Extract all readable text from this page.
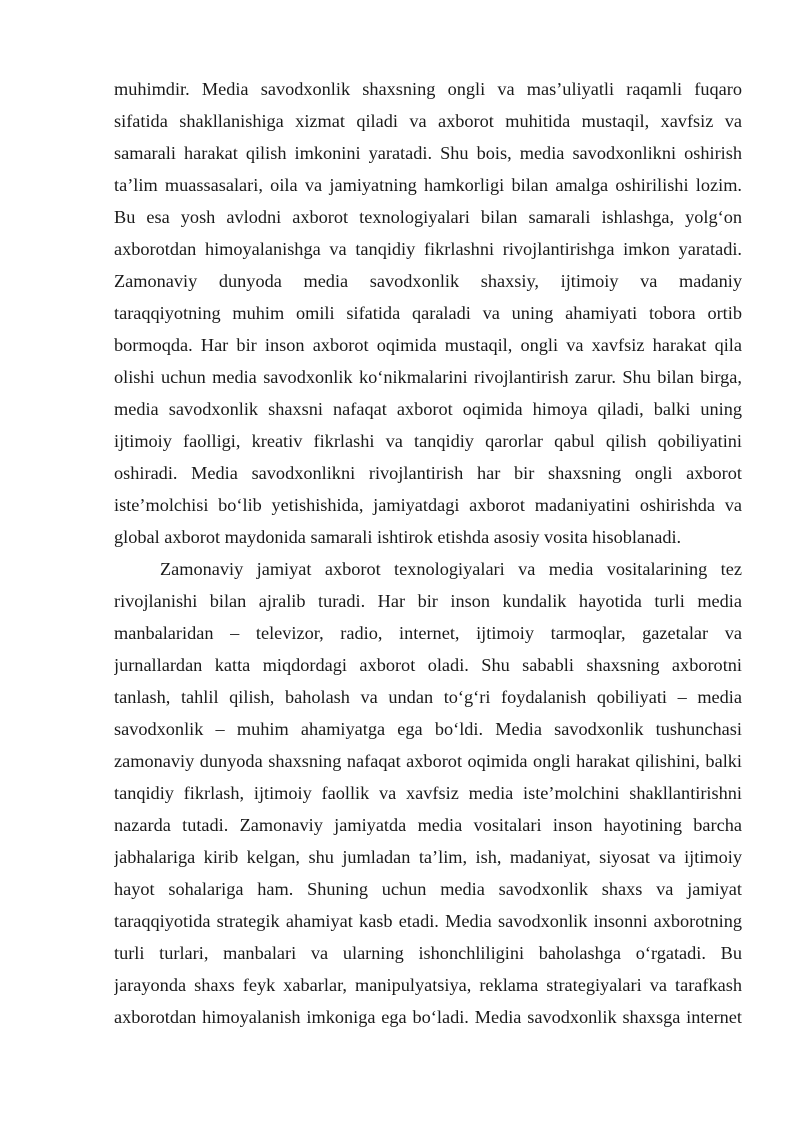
muhimdir. Media savodxonlik shaxsning ongli va mas’uliyatli raqamli fuqaro
sifatida shakllanishiga xizmat qiladi va axborot muhitida mustaqil, xavfsiz va
samarali harakat qilish imkonini yaratadi. Shu bois, media savodxonlikni oshirish
ta’lim muassasalari, oila va jamiyatning hamkorligi bilan amalga oshirilishi lozim.
Bu esa yosh avlodni axborot texnologiyalari bilan samarali ishlashga, yolg‘on
axborotdan himoyalanishga va tanqidiy fikrlashni rivojlantirishga imkon yaratadi.
Zamonaviy dunyoda media savodxonlik shaxsiy, ijtimoiy va madaniy
taraqqiyotning muhim omili sifatida qaraladi va uning ahamiyati tobora ortib
bormoqda. Har bir inson axborot oqimida mustaqil, ongli va xavfsiz harakat qila
olishi uchun media savodxonlik ko‘nikmalarini rivojlantirish zarur. Shu bilan birga,
media savodxonlik shaxsni nafaqat axborot oqimida himoya qiladi, balki uning
ijtimoiy faolligi, kreativ fikrlashi va tanqidiy qarorlar qabul qilish qobiliyatini
oshiradi. Media savodxonlikni rivojlantirish har bir shaxsning ongli axborot
iste’molchisi bo‘lib yetishishida, jamiyatdagi axborot madaniyatini oshirishda va
global axborot maydonida samarali ishtirok etishda asosiy vosita hisoblanadi.
Zamonaviy jamiyat axborot texnologiyalari va media vositalarining tez
rivojlanishi bilan ajralib turadi. Har bir inson kundalik hayotida turli media
manbalaridan – televizor, radio, internet, ijtimoiy tarmoqlar, gazetalar va
jurnallardan katta miqdordagi axborot oladi. Shu sababli shaxsning axborotni
tanlash, tahlil qilish, baholash va undan to‘g‘ri foydalanish qobiliyati – media
savodxonlik – muhim ahamiyatga ega bo‘ldi. Media savodxonlik tushunchasi
zamonaviy dunyoda shaxsning nafaqat axborot oqimida ongli harakat qilishini, balki
tanqidiy fikrlash, ijtimoiy faollik va xavfsiz media iste’molchini shakllantirishni
nazarda tutadi. Zamonaviy jamiyatda media vositalari inson hayotining barcha
jabhalariga kirib kelgan, shu jumladan ta’lim, ish, madaniyat, siyosat va ijtimoiy
hayot sohalariga ham. Shuning uchun media savodxonlik shaxs va jamiyat
taraqqiyotida strategik ahamiyat kasb etadi. Media savodxonlik insonni axborotning
turli turlari, manbalari va ularning ishonchliligini baholashga o‘rgatadi. Bu
jarayonda shaxs feyk xabarlar, manipulyatsiya, reklama strategiyalari va tarafkash
axborotdan himoyalanish imkoniga ega bo‘ladi. Media savodxonlik shaxsga internet
